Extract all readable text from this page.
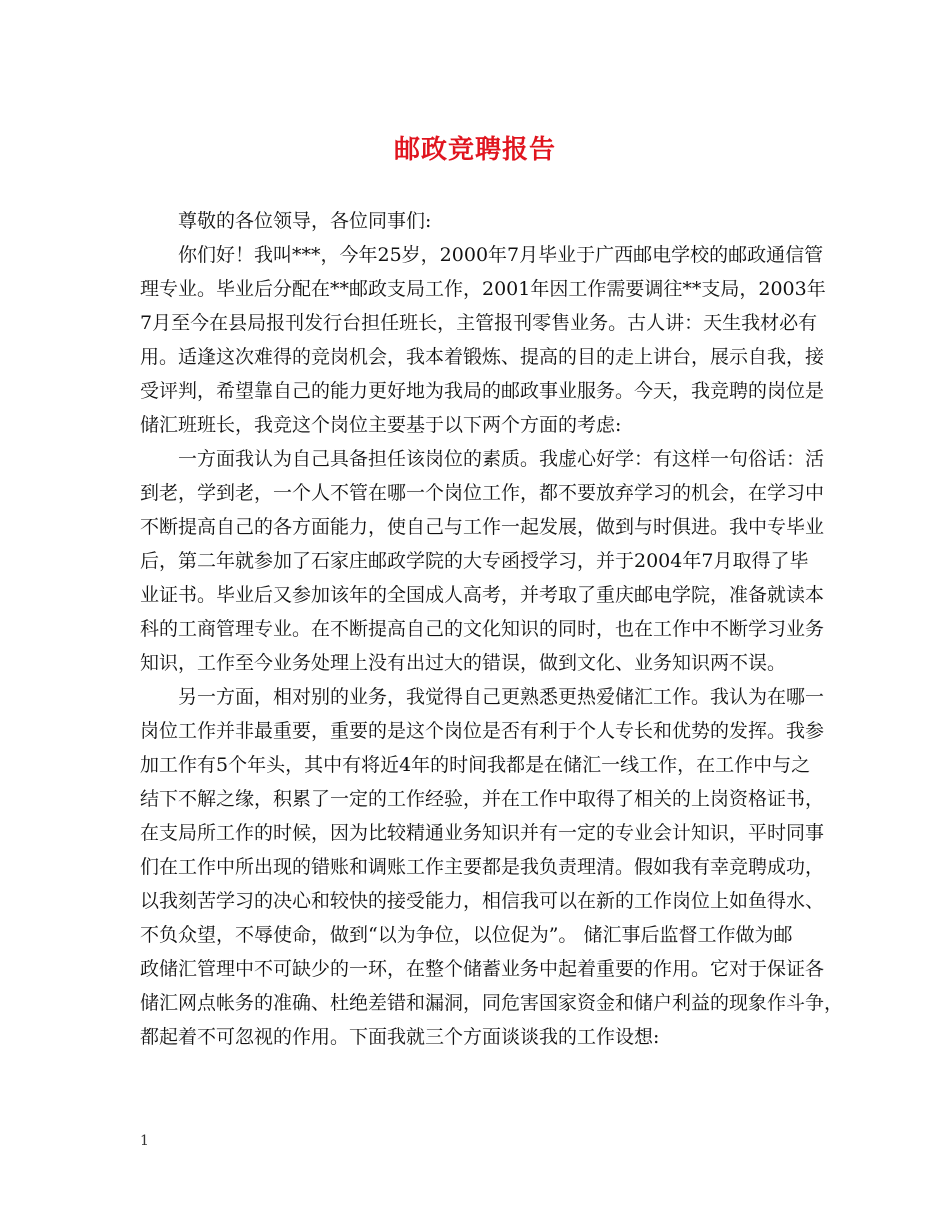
邮政竞聘报告
尊敬的各位领导，各位同事们:
你们好！我叫***，今年25岁，2000年7月毕业于广西邮电学校的邮政通信管
理专业。毕业后分配在**邮政支局工作，2001年因工作需要调往**支局，2003年
7月至今在县局报刊发行台担任班长，主管报刊零售业务。古人讲：天生我材必有
用。适逢这次难得的竞岗机会，我本着锻炼、提高的目的走上讲台，展示自我，接
受评判，希望靠自己的能力更好地为我局的邮政事业服务。今天，我竞聘的岗位是
储汇班班长，我竞这个岗位主要基于以下两个方面的考虑:
一方面我认为自己具备担任该岗位的素质。我虚心好学：有这样一句俗话：活
到老，学到老，一个人不管在哪一个岗位工作，都不要放弃学习的机会，在学习中
不断提高自己的各方面能力，使自己与工作一起发展，做到与时俱进。我中专毕业
后，第二年就参加了石家庄邮政学院的大专函授学习，并于2004年7月取得了毕
业证书。毕业后又参加该年的全国成人高考，并考取了重庆邮电学院，准备就读本
科的工商管理专业。在不断提高自己的文化知识的同时，也在工作中不断学习业务
知识，工作至今业务处理上没有出过大的错误，做到文化、业务知识两不误。
另一方面，相对别的业务，我觉得自己更熟悉更热爱储汇工作。我认为在哪一
岗位工作并非最重要，重要的是这个岗位是否有利于个人专长和优势的发挥。我参
加工作有5个年头，其中有将近4年的时间我都是在储汇一线工作，在工作中与之
结下不解之缘，积累了一定的工作经验，并在工作中取得了相关的上岗资格证书，
在支局所工作的时候，因为比较精通业务知识并有一定的专业会计知识，平时同事
们在工作中所出现的错账和调账工作主要都是我负责理清。假如我有幸竞聘成功，
以我刻苦学习的决心和较快的接受能力，相信我可以在新的工作岗位上如鱼得水、
不负众望，不辱使命，做到“以为争位，以位促为”。 储汇事后监督工作做为邮
政储汇管理中不可缺少的一环，在整个储蓄业务中起着重要的作用。它对于保证各
储汇网点帐务的准确、杜绝差错和漏洞，同危害国家资金和储户利益的现象作斗争，
都起着不可忽视的作用。下面我就三个方面谈谈我的工作设想:
1
